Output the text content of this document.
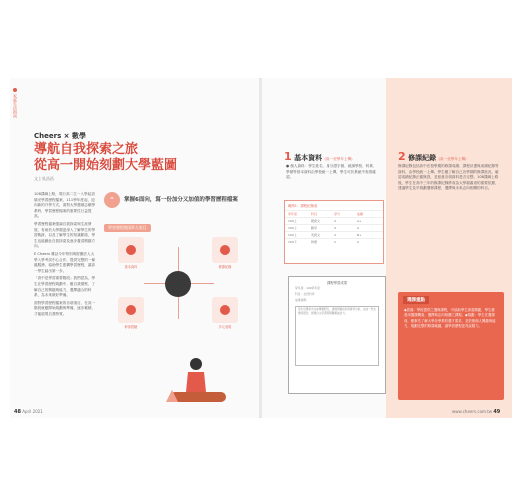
家庭生活指南
Cheers × 數學
導航自我探索之旅
從高一開始刻劃大學藍圖
文 | 吳昌昌

108課綱上路，現行高二生一入學起須填妥學習歷程檔案，111學年度起，迎向新的升學方式，面對大學選填志願學系時，學習歷程檔案的重要性日益提高。

學習歷程檔案強調自我探索與生涯發展，有助於大學端更深入了解學生的學習軌跡，以及了解學生的知識脈絡，學生也能藉此自我探索及逐步釐清興趣方向。

E Cheers 雜誌今年特別與財團法人大學入學考試中心合作，提供完整的一條龍服務，協助學生建構學習歷程，讓高一學生踏出第一步。

「高中是學習重要階段」我們認為，學生在學習歷程規劃中，應自我覺察、了解自己的興趣與能力，選擇適合的科系，為未來做好準備。

面對學習歷程檔案的各項項目，在高一階段就應開始規劃與準備，逐步累積，才能展現自我特質。

“ 掌握6面向，寫一份加分又加值的學習歷程檔案
學習歷程檔案6大項目
基本資料	修課紀錄
幹部經驗	多元表現
48 April 2021
1 基本資料 (高一至學年上傳)
● 個人資料：學生姓名、身分證字號、就讀學校、科系、學號等基本資料由學校統一上傳，學生可於系統中查看確認。
範例1：課程紀錄表
學年度	科目	學分	成績
109上	國語文	4	A+
109上	數學	4	A
109上	英語文	4	B+
109下	物理	2	A
課程學習成果
學年度：109學年度
科目：自然科學
成果說明：
學生於課堂中完成專題研究，透過實驗設計與資料分析，完成一份完整的報告，展現自主學習與問題解決能力。
2 修課紀錄 (高一至學年上傳)
修課紀錄包括高中在校學期的修課成績、課程計畫與成績紀錄等資料，由學校統一上傳。學生應了解自己各學期的修課狀況，確認成績紀錄正確無誤，並留意各項資料是否完整。108課綱上路後，學生在高中三年的修課紀錄將成為大學端審查的重要依據，建議學生及早規劃選修課程，選擇與未來志向相關的科目。
選課重點
◆認識：學校提供之選修課程，可協助學生探索興趣，學生應善用選課機會，選擇與志向相關之課程。◆規劃：學生在選課前，應事先了解大學各學系的選才需求，並依照個人興趣與能力，規劃完整的修課地圖，讓學習歷程更具說服力。
www.cheers.com.tw 49
